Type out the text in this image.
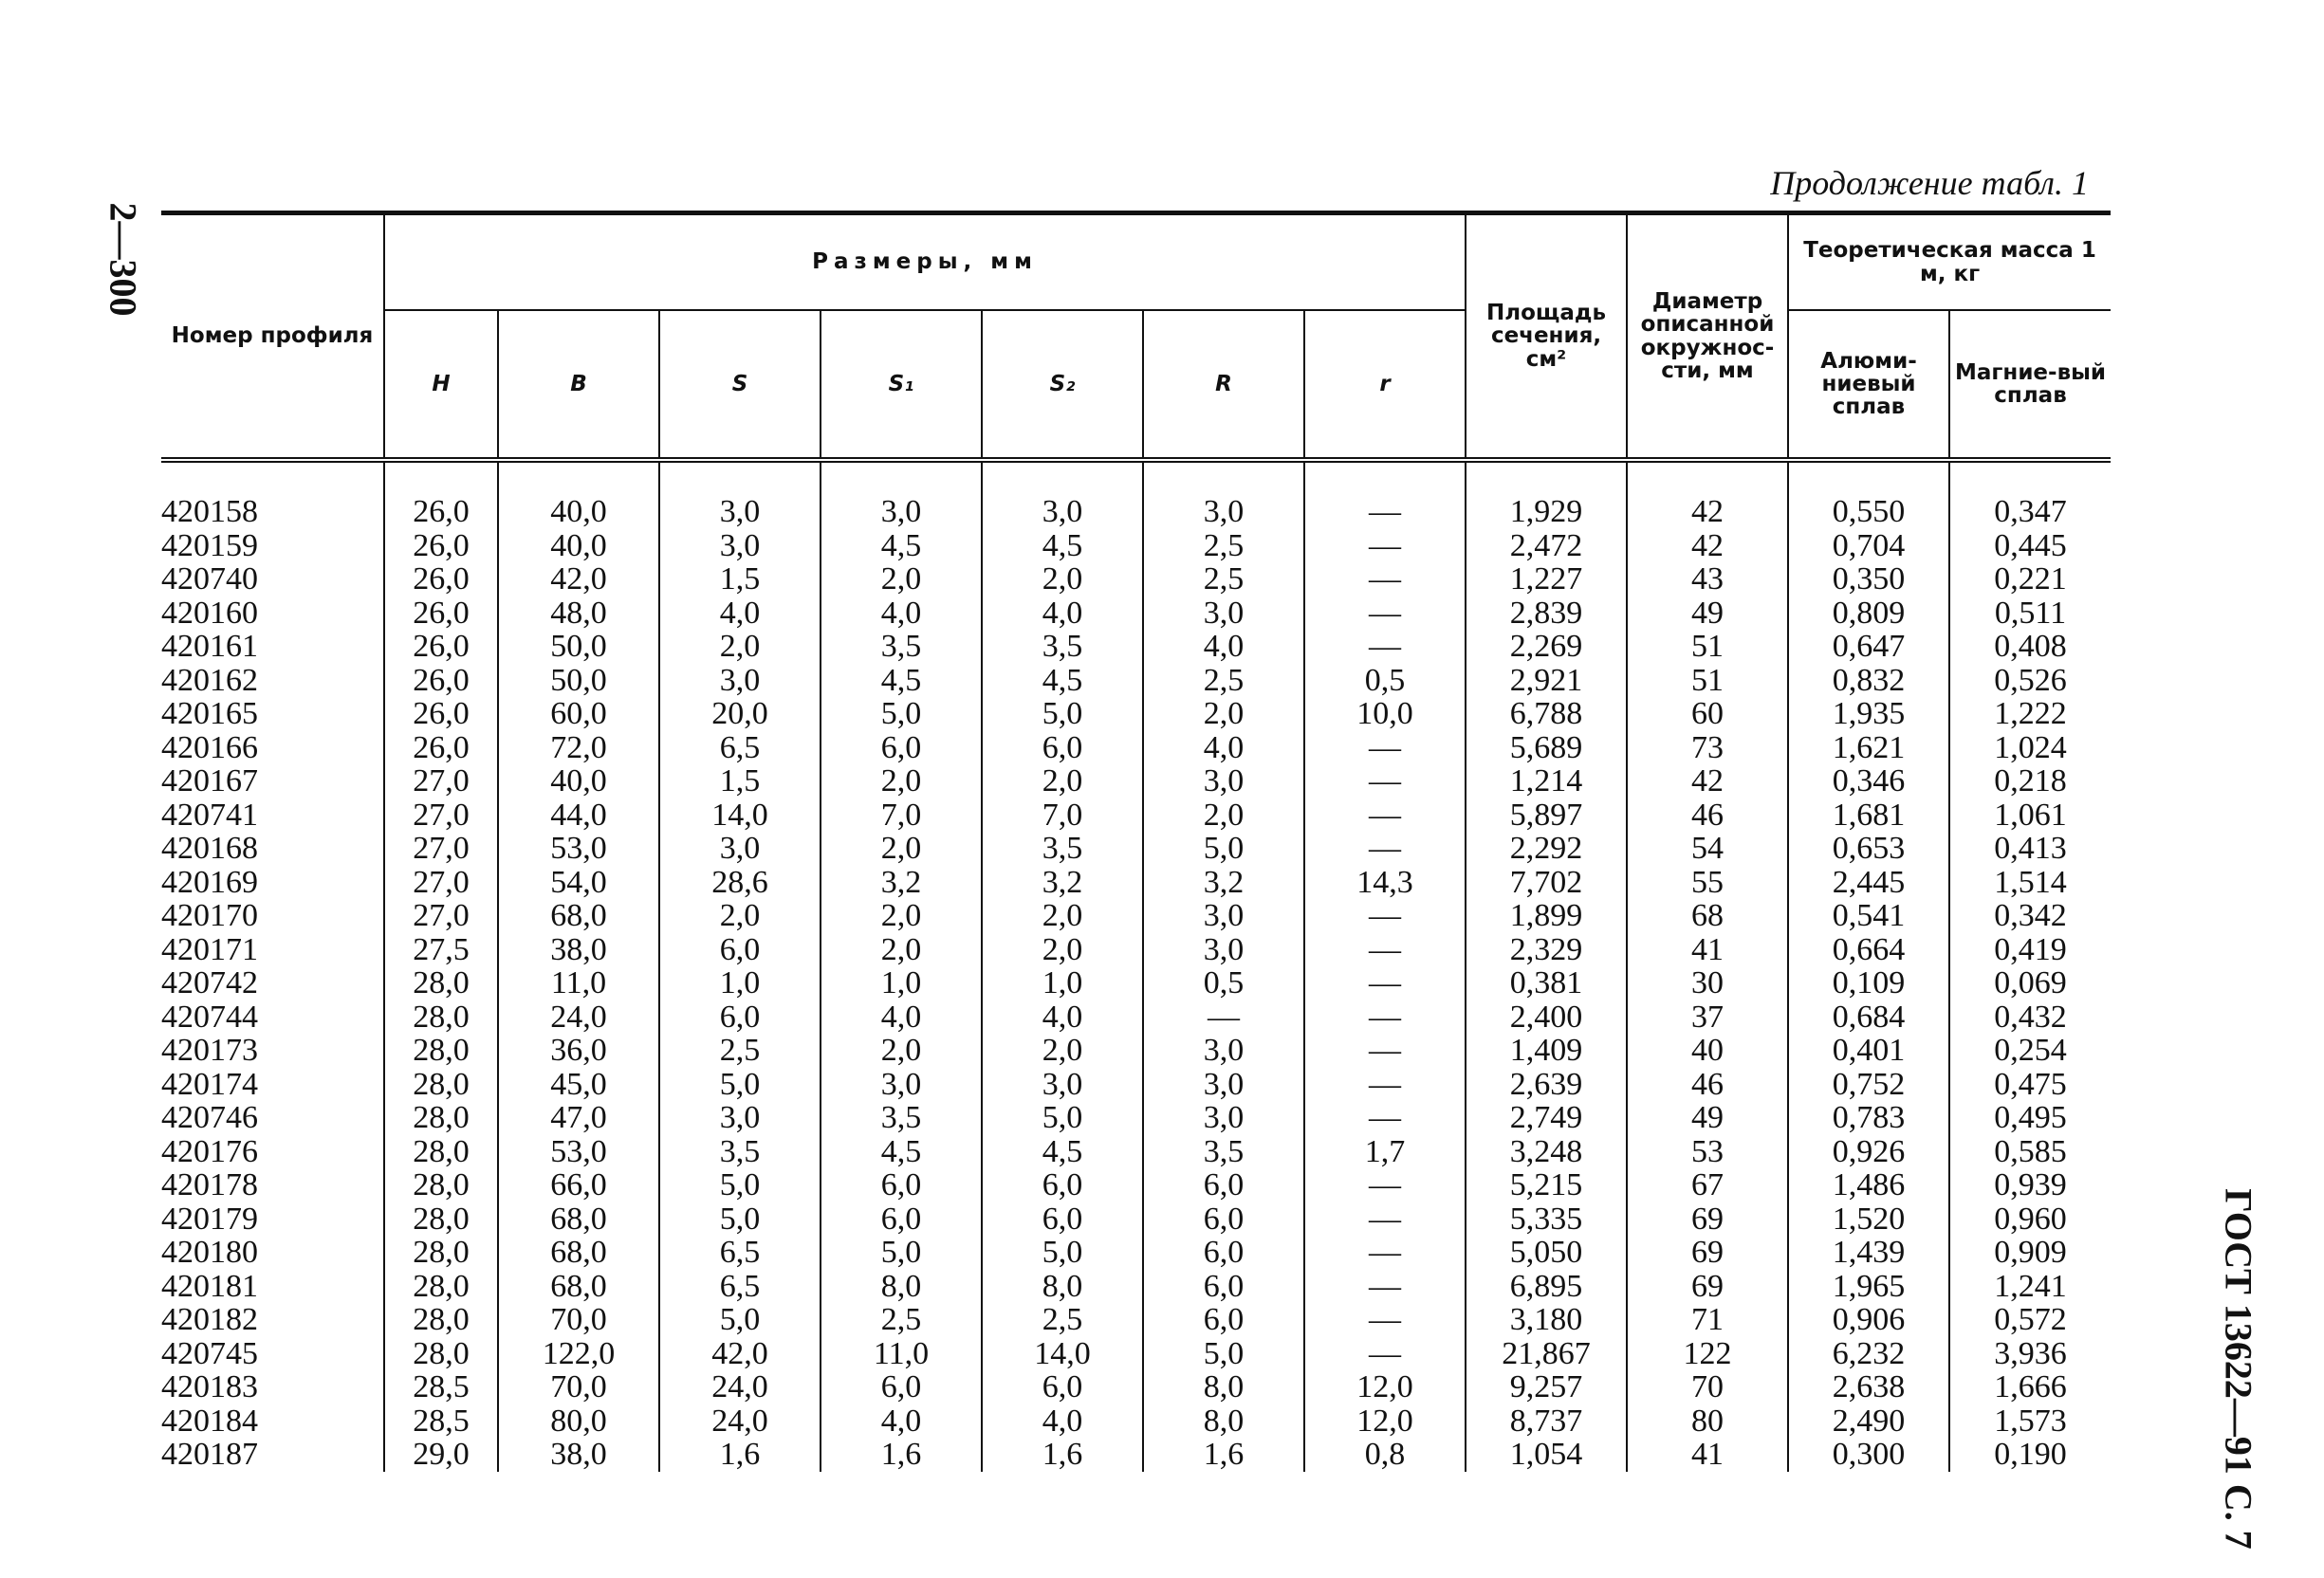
2—300
Продолжение табл. 1
ГОСТ 13622—91 С. 7
Номер профиля	Размеры, мм							Площадь сечения, см²	Диаметр описанной окружнос-сти, мм	Теоретическая масса 1 м, кг	
	H	B	S	S₁	S₂	R	r			Алюми-ниевый сплав	Магние-вый сплав
420158	26,0	40,0	3,0	3,0	3,0	3,0	—	1,929	42	0,550	0,347
420159	26,0	40,0	3,0	4,5	4,5	2,5	—	2,472	42	0,704	0,445
420740	26,0	42,0	1,5	2,0	2,0	2,5	—	1,227	43	0,350	0,221
420160	26,0	48,0	4,0	4,0	4,0	3,0	—	2,839	49	0,809	0,511
420161	26,0	50,0	2,0	3,5	3,5	4,0	—	2,269	51	0,647	0,408
420162	26,0	50,0	3,0	4,5	4,5	2,5	0,5	2,921	51	0,832	0,526
420165	26,0	60,0	20,0	5,0	5,0	2,0	10,0	6,788	60	1,935	1,222
420166	26,0	72,0	6,5	6,0	6,0	4,0	—	5,689	73	1,621	1,024
420167	27,0	40,0	1,5	2,0	2,0	3,0	—	1,214	42	0,346	0,218
420741	27,0	44,0	14,0	7,0	7,0	2,0	—	5,897	46	1,681	1,061
420168	27,0	53,0	3,0	2,0	3,5	5,0	—	2,292	54	0,653	0,413
420169	27,0	54,0	28,6	3,2	3,2	3,2	14,3	7,702	55	2,445	1,514
420170	27,0	68,0	2,0	2,0	2,0	3,0	—	1,899	68	0,541	0,342
420171	27,5	38,0	6,0	2,0	2,0	3,0	—	2,329	41	0,664	0,419
420742	28,0	11,0	1,0	1,0	1,0	0,5	—	0,381	30	0,109	0,069
420744	28,0	24,0	6,0	4,0	4,0	—	—	2,400	37	0,684	0,432
420173	28,0	36,0	2,5	2,0	2,0	3,0	—	1,409	40	0,401	0,254
420174	28,0	45,0	5,0	3,0	3,0	3,0	—	2,639	46	0,752	0,475
420746	28,0	47,0	3,0	3,5	5,0	3,0	—	2,749	49	0,783	0,495
420176	28,0	53,0	3,5	4,5	4,5	3,5	1,7	3,248	53	0,926	0,585
420178	28,0	66,0	5,0	6,0	6,0	6,0	—	5,215	67	1,486	0,939
420179	28,0	68,0	5,0	6,0	6,0	6,0	—	5,335	69	1,520	0,960
420180	28,0	68,0	6,5	5,0	5,0	6,0	—	5,050	69	1,439	0,909
420181	28,0	68,0	6,5	8,0	8,0	6,0	—	6,895	69	1,965	1,241
420182	28,0	70,0	5,0	2,5	2,5	6,0	—	3,180	71	0,906	0,572
420745	28,0	122,0	42,0	11,0	14,0	5,0	—	21,867	122	6,232	3,936
420183	28,5	70,0	24,0	6,0	6,0	8,0	12,0	9,257	70	2,638	1,666
420184	28,5	80,0	24,0	4,0	4,0	8,0	12,0	8,737	80	2,490	1,573
420187	29,0	38,0	1,6	1,6	1,6	1,6	0,8	1,054	41	0,300	0,190
